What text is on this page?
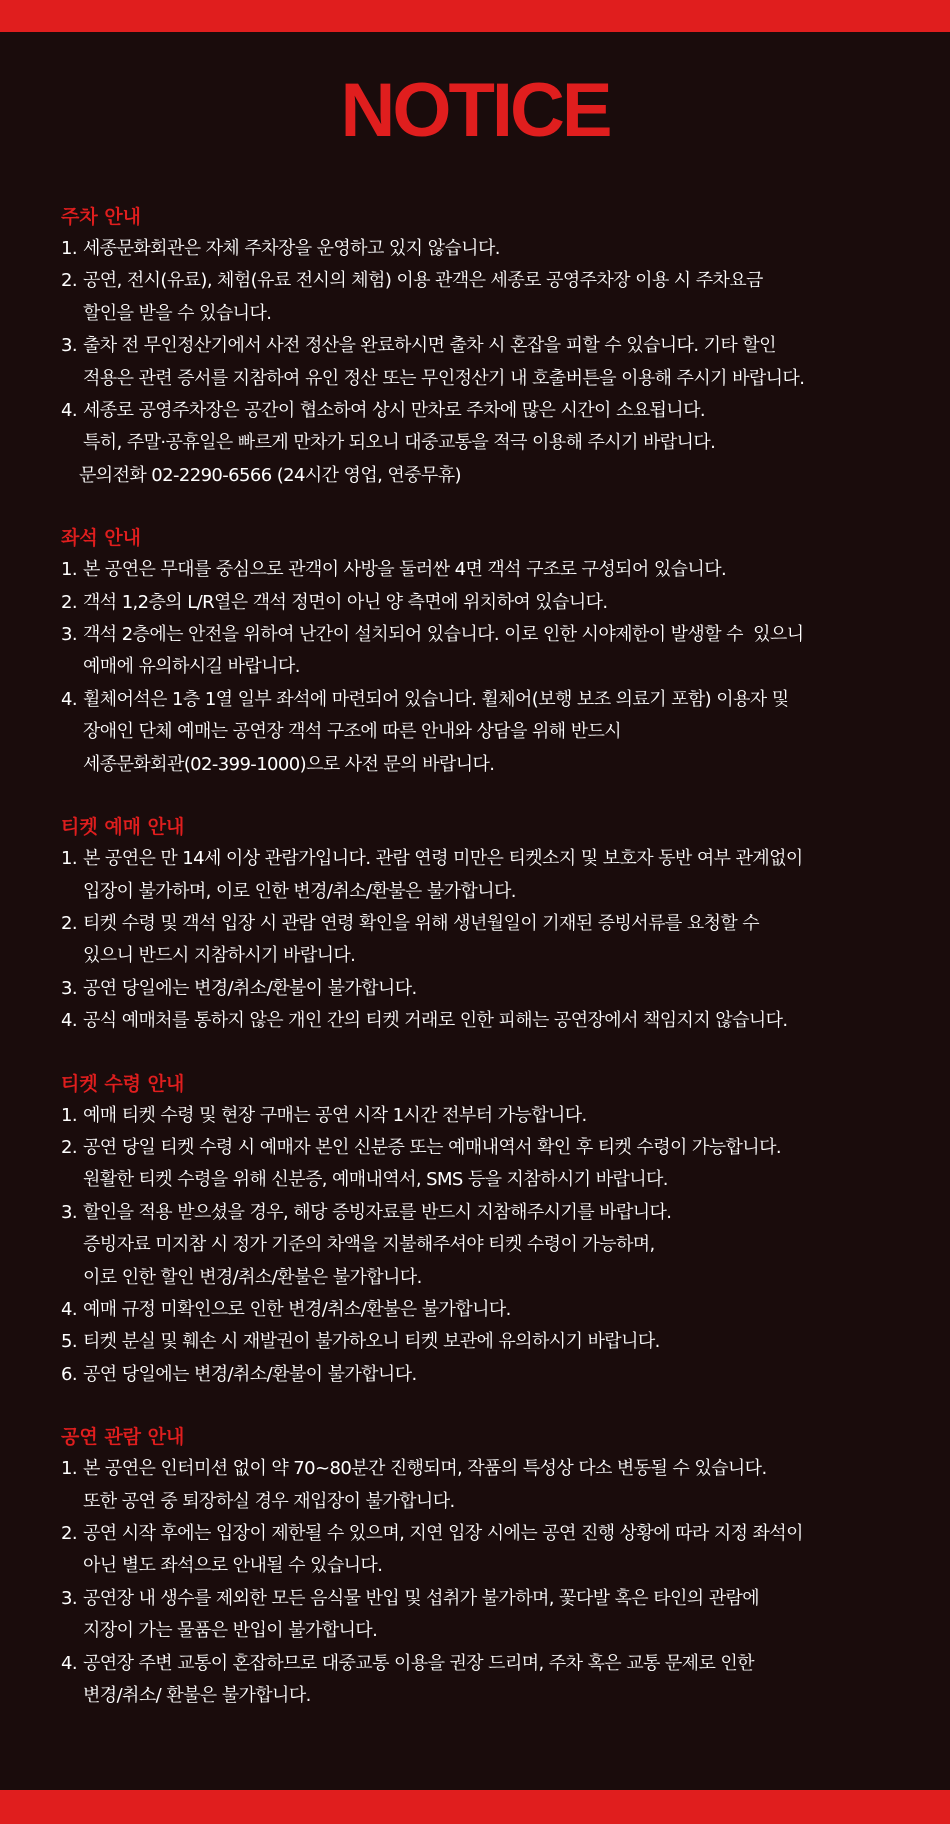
NOTICE
주차 안내
1. 세종문화회관은 자체 주차장을 운영하고 있지 않습니다.
2. 공연, 전시(유료), 체험(유료 전시의 체험) 이용 관객은 세종로 공영주차장 이용 시 주차요금
할인을 받을 수 있습니다.
3. 출차 전 무인정산기에서 사전 정산을 완료하시면 출차 시 혼잡을 피할 수 있습니다. 기타 할인
적용은 관련 증서를 지참하여 유인 정산 또는 무인정산기 내 호출버튼을 이용해 주시기 바랍니다.
4. 세종로 공영주차장은 공간이 협소하여 상시 만차로 주차에 많은 시간이 소요됩니다.
특히, 주말·공휴일은 빠르게 만차가 되오니 대중교통을 적극 이용해 주시기 바랍니다.
문의전화 02-2290-6566 (24시간 영업, 연중무휴)
좌석 안내
1. 본 공연은 무대를 중심으로 관객이 사방을 둘러싼 4면 객석 구조로 구성되어 있습니다.
2. 객석 1,2층의 L/R열은 객석 정면이 아닌 양 측면에 위치하여 있습니다.
3. 객석 2층에는 안전을 위하여 난간이 설치되어 있습니다. 이로 인한 시야제한이 발생할 수  있으니
예매에 유의하시길 바랍니다.
4. 휠체어석은 1층 1열 일부 좌석에 마련되어 있습니다. 휠체어(보행 보조 의료기 포함) 이용자 및
장애인 단체 예매는 공연장 객석 구조에 따른 안내와 상담을 위해 반드시
세종문화회관(02-399-1000)으로 사전 문의 바랍니다.
티켓 예매 안내
1. 본 공연은 만 14세 이상 관람가입니다. 관람 연령 미만은 티켓소지 및 보호자 동반 여부 관계없이
입장이 불가하며, 이로 인한 변경/취소/환불은 불가합니다.
2. 티켓 수령 및 객석 입장 시 관람 연령 확인을 위해 생년월일이 기재된 증빙서류를 요청할 수
있으니 반드시 지참하시기 바랍니다.
3. 공연 당일에는 변경/취소/환불이 불가합니다.
4. 공식 예매처를 통하지 않은 개인 간의 티켓 거래로 인한 피해는 공연장에서 책임지지 않습니다.
티켓 수령 안내
1. 예매 티켓 수령 및 현장 구매는 공연 시작 1시간 전부터 가능합니다.
2. 공연 당일 티켓 수령 시 예매자 본인 신분증 또는 예매내역서 확인 후 티켓 수령이 가능합니다.
원활한 티켓 수령을 위해 신분증, 예매내역서, SMS 등을 지참하시기 바랍니다.
3. 할인을 적용 받으셨을 경우, 해당 증빙자료를 반드시 지참해주시기를 바랍니다.
증빙자료 미지참 시 정가 기준의 차액을 지불해주셔야 티켓 수령이 가능하며,
이로 인한 할인 변경/취소/환불은 불가합니다.
4. 예매 규정 미확인으로 인한 변경/취소/환불은 불가합니다.
5. 티켓 분실 및 훼손 시 재발권이 불가하오니 티켓 보관에 유의하시기 바랍니다.
6. 공연 당일에는 변경/취소/환불이 불가합니다.
공연 관람 안내
1. 본 공연은 인터미션 없이 약 70~80분간 진행되며, 작품의 특성상 다소 변동될 수 있습니다.
또한 공연 중 퇴장하실 경우 재입장이 불가합니다.
2. 공연 시작 후에는 입장이 제한될 수 있으며, 지연 입장 시에는 공연 진행 상황에 따라 지정 좌석이
아닌 별도 좌석으로 안내될 수 있습니다.
3. 공연장 내 생수를 제외한 모든 음식물 반입 및 섭취가 불가하며, 꽃다발 혹은 타인의 관람에
지장이 가는 물품은 반입이 불가합니다.
4. 공연장 주변 교통이 혼잡하므로 대중교통 이용을 권장 드리며, 주차 혹은 교통 문제로 인한
변경/취소/ 환불은 불가합니다.
